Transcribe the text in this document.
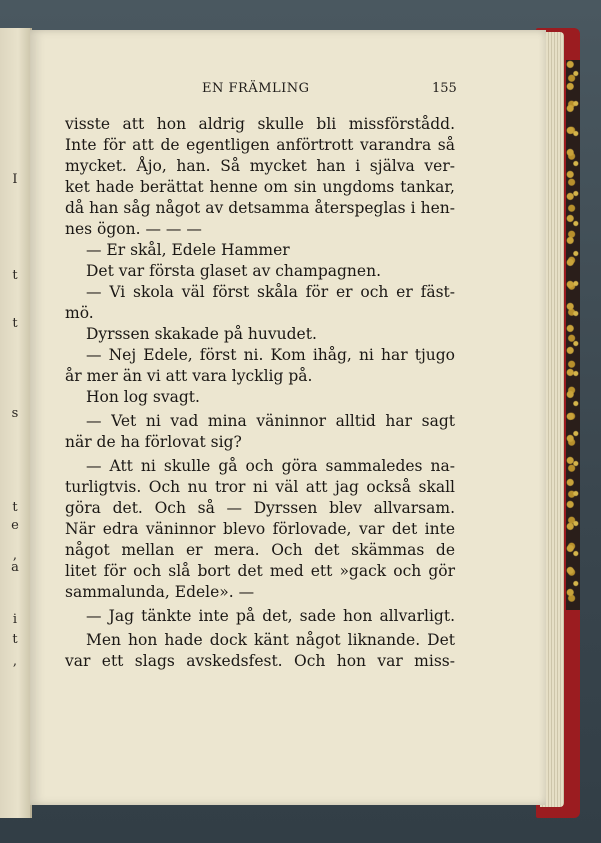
I
t
t
s
t
e
,
a
i
t
,
EN FRÄMLING	155
visste att hon aldrig skulle bli missförstådd.
Inte för att de egentligen anförtrott varandra så
mycket. Åjo, han. Så mycket han i själva ver-
ket hade berättat henne om sin ungdoms tankar,
då han såg något av detsamma återspeglas i hen-
nes ögon. — — —
— Er skål, Edele Hammer
Det var första glaset av champagnen.
— Vi skola väl först skåla för er och er fäst-
mö.
Dyrssen skakade på huvudet.
— Nej Edele, först ni. Kom ihåg, ni har tjugo
år mer än vi att vara lycklig på.
Hon log svagt.
— Vet ni vad mina väninnor alltid har sagt
när de ha förlovat sig?
— Att ni skulle gå och göra sammaledes na-
turligtvis. Och nu tror ni väl att jag också skall
göra det. Och så — Dyrssen blev allvarsam.
När edra väninnor blevo förlovade, var det inte
något mellan er mera. Och det skämmas de
litet för och slå bort det med ett »gack och gör
sammalunda, Edele». —
— Jag tänkte inte på det, sade hon allvarligt.
Men hon hade dock känt något liknande. Det
var ett slags avskedsfest. Och hon var miss-
